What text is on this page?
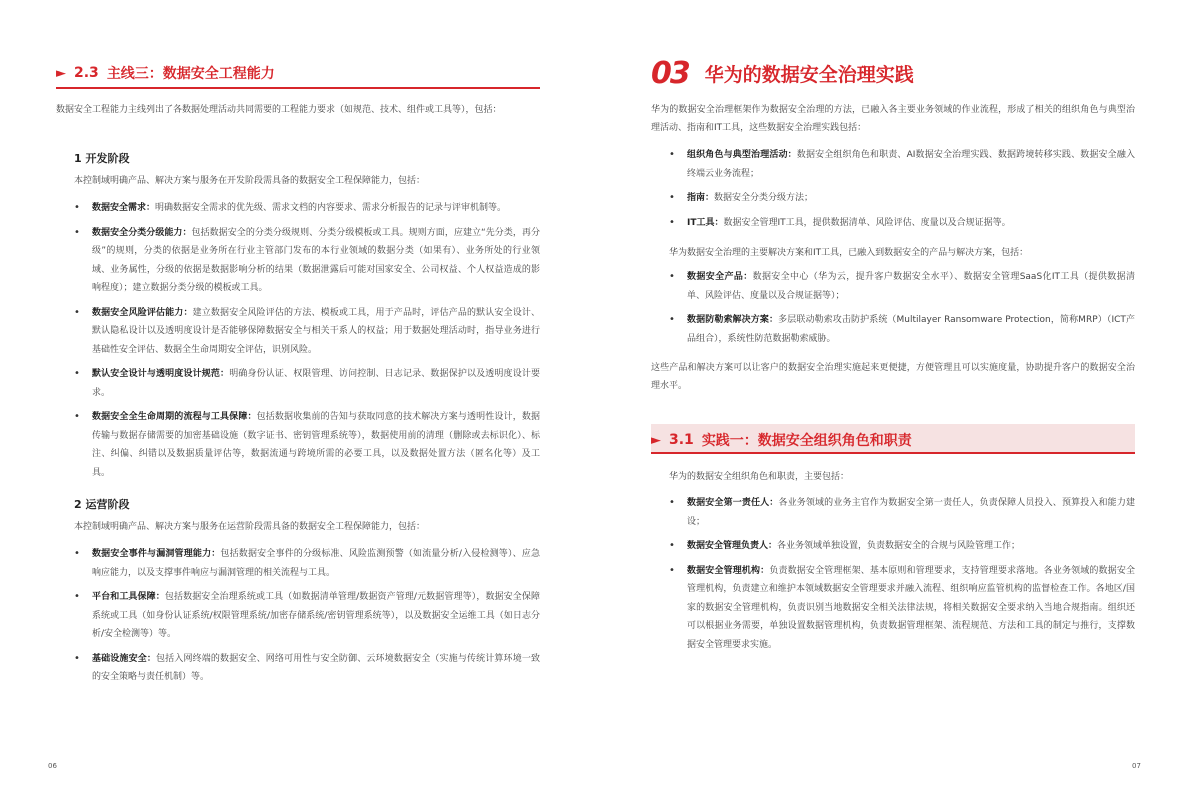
► 2.3 主线三：数据安全工程能力

数据安全工程能力主线列出了各数据处理活动共同需要的工程能力要求（如规范、技术、组件或工具等），包括：

1 开发阶段

本控制域明确产品、解决方案与服务在开发阶段需具备的数据安全工程保障能力，包括：

• 数据安全需求：明确数据安全需求的优先级、需求文档的内容要求、需求分析报告的记录与评审机制等。
• 数据安全分类分级能力：包括数据安全的分类分级规则、分类分级模板或工具。规则方面，应建立“先分类，再分级”的规则，分类的依据是业务所在行业主管部门发布的本行业领域的数据分类（如果有）、业务所处的行业领域、业务属性，分级的依据是数据影响分析的结果（数据泄露后可能对国家安全、公司权益、个人权益造成的影响程度）；建立数据分类分级的模板或工具。
• 数据安全风险评估能力：建立数据安全风险评估的方法、模板或工具，用于产品时，评估产品的默认安全设计、默认隐私设计以及透明度设计是否能够保障数据安全与相关干系人的权益；用于数据处理活动时，指导业务进行基础性安全评估、数据全生命周期安全评估，识别风险。
• 默认安全设计与透明度设计规范：明确身份认证、权限管理、访问控制、日志记录、数据保护以及透明度设计要求。
• 数据安全全生命周期的流程与工具保障：包括数据收集前的告知与获取同意的技术解决方案与透明性设计，数据传输与数据存储需要的加密基础设施（数字证书、密钥管理系统等），数据使用前的清理（删除或去标识化）、标注、纠偏、纠错以及数据质量评估等，数据流通与跨境所需的必要工具，以及数据处置方法（匿名化等）及工具。
2 运营阶段

本控制域明确产品、解决方案与服务在运营阶段需具备的数据安全工程保障能力，包括：

• 数据安全事件与漏洞管理能力：包括数据安全事件的分级标准、风险监测预警（如流量分析/入侵检测等）、应急响应能力，以及支撑事件响应与漏洞管理的相关流程与工具。
• 平台和工具保障：包括数据安全治理系统或工具（如数据清单管理/数据资产管理/元数据管理等），数据安全保障系统或工具（如身份认证系统/权限管理系统/加密存储系统/密钥管理系统等），以及数据安全运维工具（如日志分析/安全检测等）等。
• 基础设施安全：包括入网终端的数据安全、网络可用性与安全防御、云环境数据安全（实施与传统计算环境一致的安全策略与责任机制）等。
06
03 华为的数据安全治理实践

华为的数据安全治理框架作为数据安全治理的方法，已融入各主要业务领域的作业流程，形成了相关的组织角色与典型治理活动、指南和IT工具，这些数据安全治理实践包括：

• 组织角色与典型治理活动：数据安全组织角色和职责、AI数据安全治理实践、数据跨境转移实践、数据安全融入终端云业务流程；
• 指南：数据安全分类分级方法；
• IT工具：数据安全管理IT工具，提供数据清单、风险评估、度量以及合规证据等。

华为数据安全治理的主要解决方案和IT工具，已融入到数据安全的产品与解决方案，包括：

• 数据安全产品：数据安全中心（华为云，提升客户数据安全水平）、数据安全管理SaaS化IT工具（提供数据清单、风险评估、度量以及合规证据等）；
• 数据防勒索解决方案：多层联动勒索攻击防护系统（Multilayer Ransomware Protection，简称MRP）（ICT产品组合），系统性防范数据勒索威胁。

这些产品和解决方案可以让客户的数据安全治理实施起来更便捷，方便管理且可以实施度量，协助提升客户的数据安全治理水平。

► 3.1 实践一：数据安全组织角色和职责

华为的数据安全组织角色和职责，主要包括：

• 数据安全第一责任人：各业务领域的业务主官作为数据安全第一责任人，负责保障人员投入、预算投入和能力建设；
• 数据安全管理负责人：各业务领域单独设置，负责数据安全的合规与风险管理工作；
• 数据安全管理机构：负责数据安全管理框架、基本原则和管理要求，支持管理要求落地。各业务领域的数据安全管理机构，负责建立和维护本领域数据安全管理要求并融入流程、组织响应监管机构的监督检查工作。各地区/国家的数据安全管理机构，负责识别当地数据安全相关法律法规，将相关数据安全要求纳入当地合规指南。组织还可以根据业务需要，单独设置数据管理机构，负责数据管理框架、流程规范、方法和工具的制定与推行，支撑数据安全管理要求实施。
07
